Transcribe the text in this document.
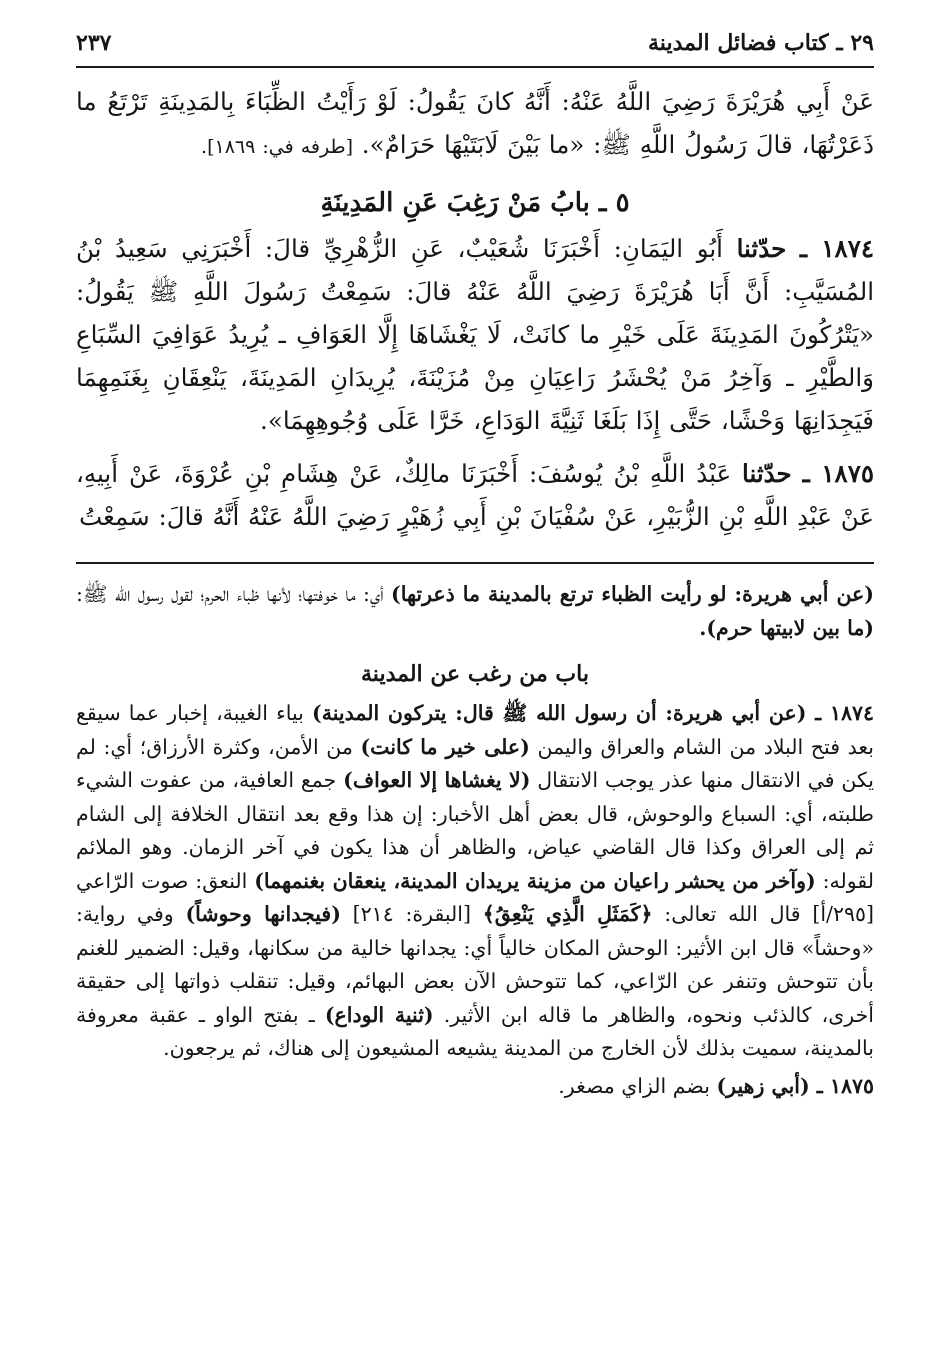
٢٩ ـ كتاب فضائل المدينة
٢٣٧

عَنْ أَبِي هُرَيْرَةَ رَضِيَ اللَّهُ عَنْهُ: أَنَّهُ كانَ يَقُولُ: لَوْ رَأَيْتُ الظِّبَاءَ بِالمَدِينَةِ تَرْتَعُ ما ذَعَرْتُهَا، قالَ رَسُولُ اللَّهِ ﷺ: «ما بَيْنَ لَابَتَيْهَا حَرَامٌ». [طرفه في: ١٨٦٩].

٥ ـ بابُ مَنْ رَغِبَ عَنِ المَدِينَةِ

١٨٧٤ ـ حدّثنا أَبُو اليَمَانِ: أَخْبَرَنَا شُعَيْبٌ، عَنِ الزُّهْرِيِّ قالَ: أَخْبَرَنِي سَعِيدُ بْنُ المُسَيَّبِ: أَنَّ أَبَا هُرَيْرَةَ رَضِيَ اللَّهُ عَنْهُ قالَ: سَمِعْتُ رَسُولَ اللَّهِ ﷺ يَقُولُ: «يَتْرُكُونَ المَدِينَةَ عَلَى خَيْرِ ما كانَتْ، لَا يَغْشَاهَا إِلَّا العَوَافِ ـ يُرِيدُ عَوَافِيَ السِّبَاعِ وَالطَّيْرِ ـ وَآخِرُ مَنْ يُحْشَرُ رَاعِيَانِ مِنْ مُزَيْنَةَ، يُرِيدَانِ المَدِينَةَ، يَنْعِقَانِ بِغَنَمِهِمَا فَيَجِدَانِهَا وَحْشًا، حَتَّى إِذَا بَلَغَا ثَنِيَّةَ الوَدَاعِ، خَرَّا عَلَى وُجُوهِهِمَا».

١٨٧٥ ـ حدّثنا عَبْدُ اللَّهِ بْنُ يُوسُفَ: أَخْبَرَنَا مالِكٌ، عَنْ هِشَامِ بْنِ عُرْوَةَ، عَنْ أَبِيهِ، عَنْ عَبْدِ اللَّهِ بْنِ الزُّبَيْرِ، عَنْ سُفْيَانَ بْنِ أَبِي زُهَيْرٍ رَضِيَ اللَّهُ عَنْهُ أَنَّهُ قالَ: سَمِعْتُ

(عن أبي هريرة: لو رأيت الظباء ترتع بالمدينة ما ذعرتها) أي: ما خوفتها؛ لأنها ظباء الحرم؛ لقول رسول الله ﷺ: (ما بين لابيتها حرم).

باب من رغب عن المدينة

١٨٧٤ ـ (عن أبي هريرة: أن رسول الله ﷺ قال: يتركون المدينة) بياء الغيبة، إخبار عما سيقع بعد فتح البلاد من الشام والعراق واليمن (على خير ما كانت) من الأمن، وكثرة الأرزاق؛ أي: لم يكن في الانتقال منها عذر يوجب الانتقال (لا يغشاها إلا العواف) جمع العافية، من عفوت الشيء طلبته، أي: السباع والوحوش، قال بعض أهل الأخبار: إن هذا وقع بعد انتقال الخلافة إلى الشام ثم إلى العراق وكذا قال القاضي عياض، والظاهر أن هذا يكون في آخر الزمان. وهو الملائم لقوله: (وآخر من يحشر راعيان من مزينة يريدان المدينة، ينعقان بغنمهما) النعق: صوت الرّاعي [٢٩٥/أ] قال الله تعالى: ﴿كَمَثَلِ الَّذِي يَنْعِقُ﴾ [البقرة: ٢١٤] (فيجدانها وحوشاً) وفي رواية: «وحشاً» قال ابن الأثير: الوحش المكان خالياً أي: يجدانها خالية من سكانها، وقيل: الضمير للغنم بأن تتوحش وتنفر عن الرّاعي، كما تتوحش الآن بعض البهائم، وقيل: تنقلب ذواتها إلى حقيقة أخرى، كالذئب ونحوه، والظاهر ما قاله ابن الأثير. (ثنية الوداع) ـ بفتح الواو ـ عقبة معروفة بالمدينة، سميت بذلك لأن الخارج من المدينة يشيعه المشيعون إلى هناك، ثم يرجعون.

١٨٧٥ ـ (أبي زهير) بضم الزاي مصغر.
